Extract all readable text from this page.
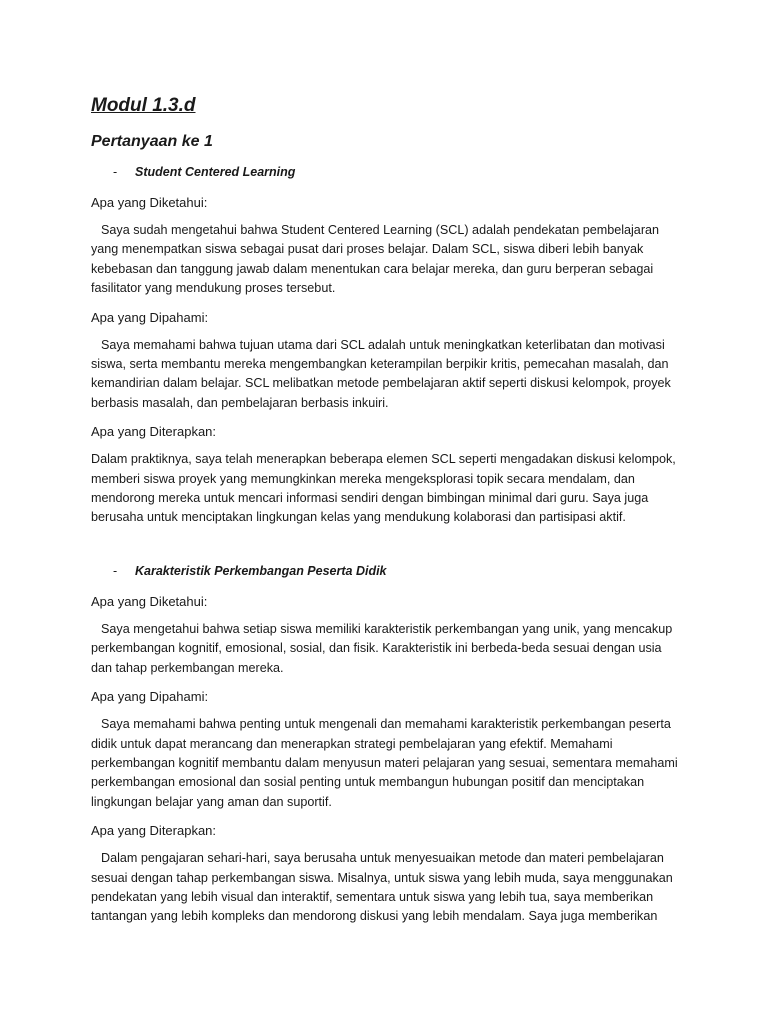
Modul 1.3.d
Pertanyaan ke 1
-	Student Centered Learning

Apa yang Diketahui:

Saya sudah mengetahui bahwa Student Centered Learning (SCL) adalah pendekatan pembelajaran yang menempatkan siswa sebagai pusat dari proses belajar. Dalam SCL, siswa diberi lebih banyak kebebasan dan tanggung jawab dalam menentukan cara belajar mereka, dan guru berperan sebagai fasilitator yang mendukung proses tersebut.

Apa yang Dipahami:

Saya memahami bahwa tujuan utama dari SCL adalah untuk meningkatkan keterlibatan dan motivasi siswa, serta membantu mereka mengembangkan keterampilan berpikir kritis, pemecahan masalah, dan kemandirian dalam belajar. SCL melibatkan metode pembelajaran aktif seperti diskusi kelompok, proyek berbasis masalah, dan pembelajaran berbasis inkuiri.

Apa yang Diterapkan:

Dalam praktiknya, saya telah menerapkan beberapa elemen SCL seperti mengadakan diskusi kelompok, memberi siswa proyek yang memungkinkan mereka mengeksplorasi topik secara mendalam, dan mendorong mereka untuk mencari informasi sendiri dengan bimbingan minimal dari guru. Saya juga berusaha untuk menciptakan lingkungan kelas yang mendukung kolaborasi dan partisipasi aktif.

-	Karakteristik Perkembangan Peserta Didik

Apa yang Diketahui:

Saya mengetahui bahwa setiap siswa memiliki karakteristik perkembangan yang unik, yang mencakup perkembangan kognitif, emosional, sosial, dan fisik. Karakteristik ini berbeda-beda sesuai dengan usia dan tahap perkembangan mereka.

Apa yang Dipahami:

Saya memahami bahwa penting untuk mengenali dan memahami karakteristik perkembangan peserta didik untuk dapat merancang dan menerapkan strategi pembelajaran yang efektif. Memahami perkembangan kognitif membantu dalam menyusun materi pelajaran yang sesuai, sementara memahami perkembangan emosional dan sosial penting untuk membangun hubungan positif dan menciptakan lingkungan belajar yang aman dan suportif.

Apa yang Diterapkan:

Dalam pengajaran sehari-hari, saya berusaha untuk menyesuaikan metode dan materi pembelajaran sesuai dengan tahap perkembangan siswa. Misalnya, untuk siswa yang lebih muda, saya menggunakan pendekatan yang lebih visual dan interaktif, sementara untuk siswa yang lebih tua, saya memberikan tantangan yang lebih kompleks dan mendorong diskusi yang lebih mendalam. Saya juga memberikan
